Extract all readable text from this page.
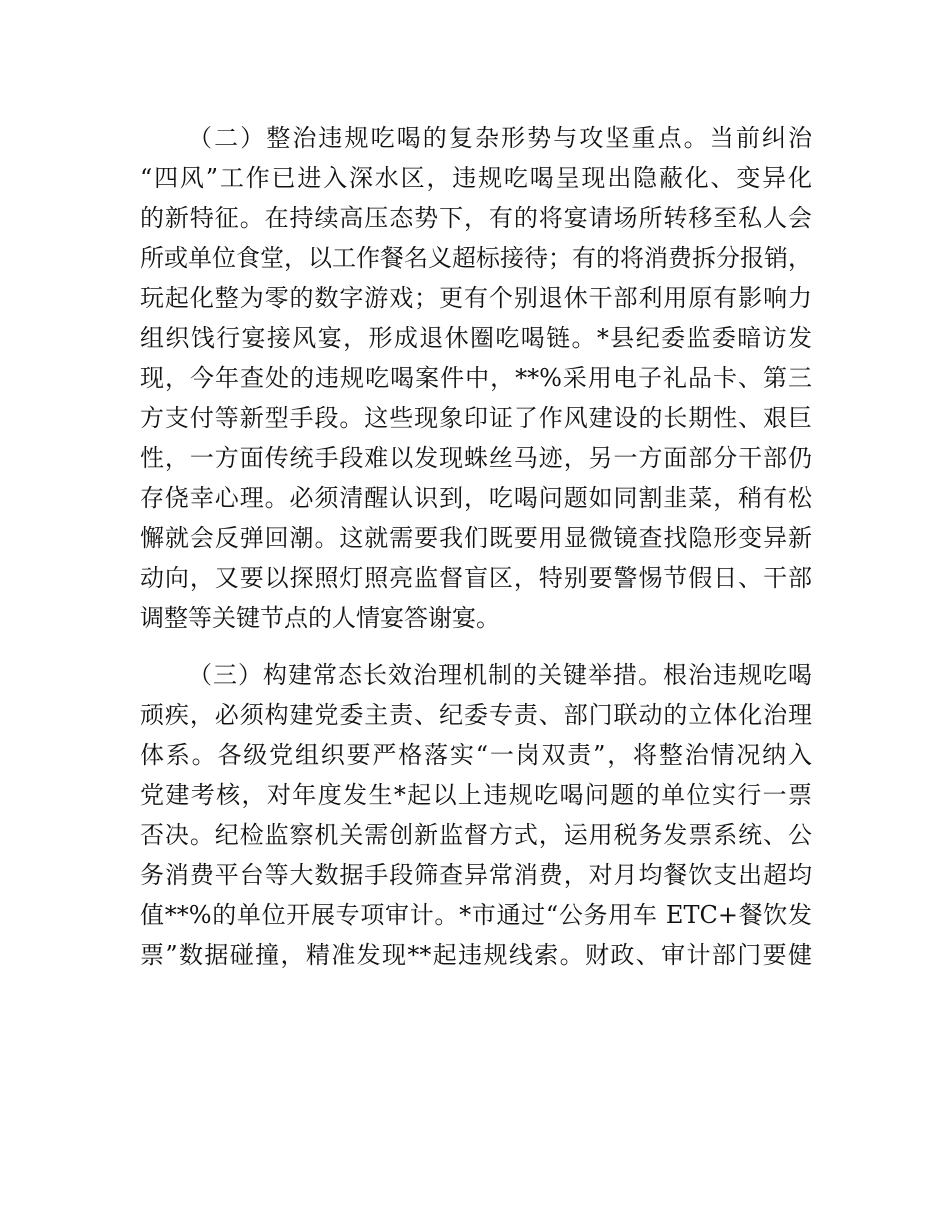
（二）整治违规吃喝的复杂形势与攻坚重点。当前纠治
“四风”工作已进入深水区，违规吃喝呈现出隐蔽化、变异化
的新特征。在持续高压态势下，有的将宴请场所转移至私人会
所或单位食堂，以工作餐名义超标接待；有的将消费拆分报销，
玩起化整为零的数字游戏；更有个别退休干部利用原有影响力
组织饯行宴接风宴，形成退休圈吃喝链。*县纪委监委暗访发
现，今年查处的违规吃喝案件中，**%采用电子礼品卡、第三
方支付等新型手段。这些现象印证了作风建设的长期性、艰巨
性，一方面传统手段难以发现蛛丝马迹，另一方面部分干部仍
存侥幸心理。必须清醒认识到，吃喝问题如同割韭菜，稍有松
懈就会反弹回潮。这就需要我们既要用显微镜查找隐形变异新
动向，又要以探照灯照亮监督盲区，特别要警惕节假日、干部
调整等关键节点的人情宴答谢宴。
（三）构建常态长效治理机制的关键举措。根治违规吃喝
顽疾，必须构建党委主责、纪委专责、部门联动的立体化治理
体系。各级党组织要严格落实“一岗双责”，将整治情况纳入
党建考核，对年度发生*起以上违规吃喝问题的单位实行一票
否决。纪检监察机关需创新监督方式，运用税务发票系统、公
务消费平台等大数据手段筛查异常消费，对月均餐饮支出超均
值**%的单位开展专项审计。*市通过“公务用车 ETC+餐饮发
票”数据碰撞，精准发现**起违规线索。财政、审计部门要健
